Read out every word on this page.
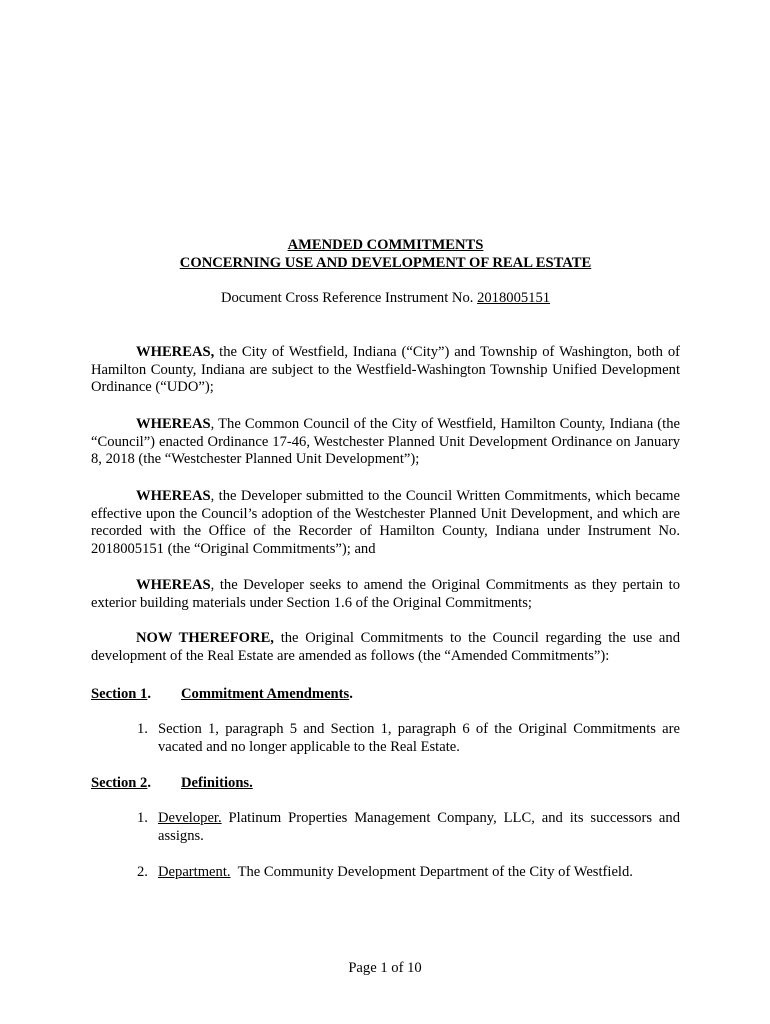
AMENDED COMMITMENTS
CONCERNING USE AND DEVELOPMENT OF REAL ESTATE
Document Cross Reference Instrument No. 2018005151
WHEREAS, the City of Westfield, Indiana (“City”) and Township of Washington, both of Hamilton County, Indiana are subject to the Westfield-Washington Township Unified Development Ordinance (“UDO”);
WHEREAS, The Common Council of the City of Westfield, Hamilton County, Indiana (the “Council”) enacted Ordinance 17-46, Westchester Planned Unit Development Ordinance on January 8, 2018 (the “Westchester Planned Unit Development”);
WHEREAS, the Developer submitted to the Council Written Commitments, which became effective upon the Council’s adoption of the Westchester Planned Unit Development, and which are recorded with the Office of the Recorder of Hamilton County, Indiana under Instrument No. 2018005151 (the “Original Commitments”); and
WHEREAS, the Developer seeks to amend the Original Commitments as they pertain to exterior building materials under Section 1.6 of the Original Commitments;
NOW THEREFORE, the Original Commitments to the Council regarding the use and development of the Real Estate are amended as follows (the “Amended Commitments”):
Section 1. Commitment Amendments.
1. Section 1, paragraph 5 and Section 1, paragraph 6 of the Original Commitments are vacated and no longer applicable to the Real Estate.
Section 2. Definitions.
1. Developer. Platinum Properties Management Company, LLC, and its successors and assigns.
2. Department.  The Community Development Department of the City of Westfield.
Page 1 of 10
